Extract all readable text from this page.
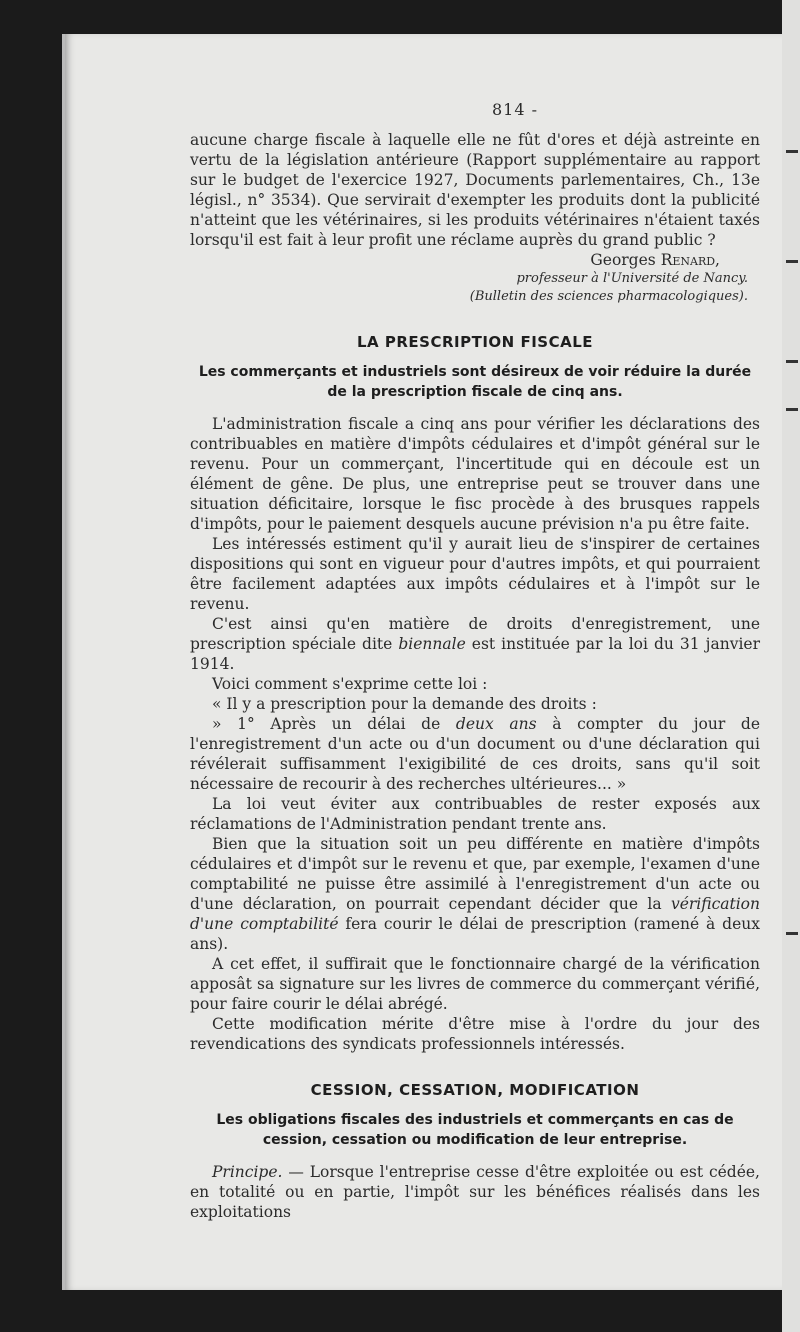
814 -

aucune charge fiscale à laquelle elle ne fût d'ores et déjà astreinte en vertu de la législation antérieure (Rapport supplémentaire au rapport sur le budget de l'exercice 1927, Documents parlementaires, Ch., 13e législ., n° 3534). Que servirait d'exempter les produits dont la publicité n'atteint que les vétérinaires, si les produits vétérinaires n'étaient taxés lorsqu'il est fait à leur profit une réclame auprès du grand public ?

Georges Renard,
professeur à l'Université de Nancy.
(Bulletin des sciences pharmacologiques).
LA PRESCRIPTION FISCALE
Les commerçants et industriels sont désireux de voir réduire la durée de la prescription fiscale de cinq ans.

L'administration fiscale a cinq ans pour vérifier les déclarations des contribuables en matière d'impôts cédulaires et d'impôt général sur le revenu. Pour un commerçant, l'incertitude qui en découle est un élément de gêne. De plus, une entreprise peut se trouver dans une situation déficitaire, lorsque le fisc procède à des brusques rappels d'impôts, pour le paiement desquels aucune prévision n'a pu être faite.

Les intéressés estiment qu'il y aurait lieu de s'inspirer de certaines dispositions qui sont en vigueur pour d'autres impôts, et qui pourraient être facilement adaptées aux impôts cédulaires et à l'impôt sur le revenu.

C'est ainsi qu'en matière de droits d'enregistrement, une prescription spéciale dite biennale est instituée par la loi du 31 janvier 1914.

Voici comment s'exprime cette loi :

« Il y a prescription pour la demande des droits :

» 1° Après un délai de deux ans à compter du jour de l'enregistrement d'un acte ou d'un document ou d'une déclaration qui révélerait suffisamment l'exigibilité de ces droits, sans qu'il soit nécessaire de recourir à des recherches ultérieures... »

La loi veut éviter aux contribuables de rester exposés aux réclamations de l'Administration pendant trente ans.

Bien que la situation soit un peu différente en matière d'impôts cédulaires et d'impôt sur le revenu et que, par exemple, l'examen d'une comptabilité ne puisse être assimilé à l'enregistrement d'un acte ou d'une déclaration, on pourrait cependant décider que la vérification d'une comptabilité fera courir le délai de prescription (ramené à deux ans).

A cet effet, il suffirait que le fonctionnaire chargé de la vérification apposât sa signature sur les livres de commerce du commerçant vérifié, pour faire courir le délai abrégé.

Cette modification mérite d'être mise à l'ordre du jour des revendications des syndicats professionnels intéressés.

CESSION, CESSATION, MODIFICATION
Les obligations fiscales des industriels et commerçants en cas de cession, cessation ou modification de leur entreprise.

Principe. — Lorsque l'entreprise cesse d'être exploitée ou est cédée, en totalité ou en partie, l'impôt sur les bénéfices réalisés dans les exploitations
